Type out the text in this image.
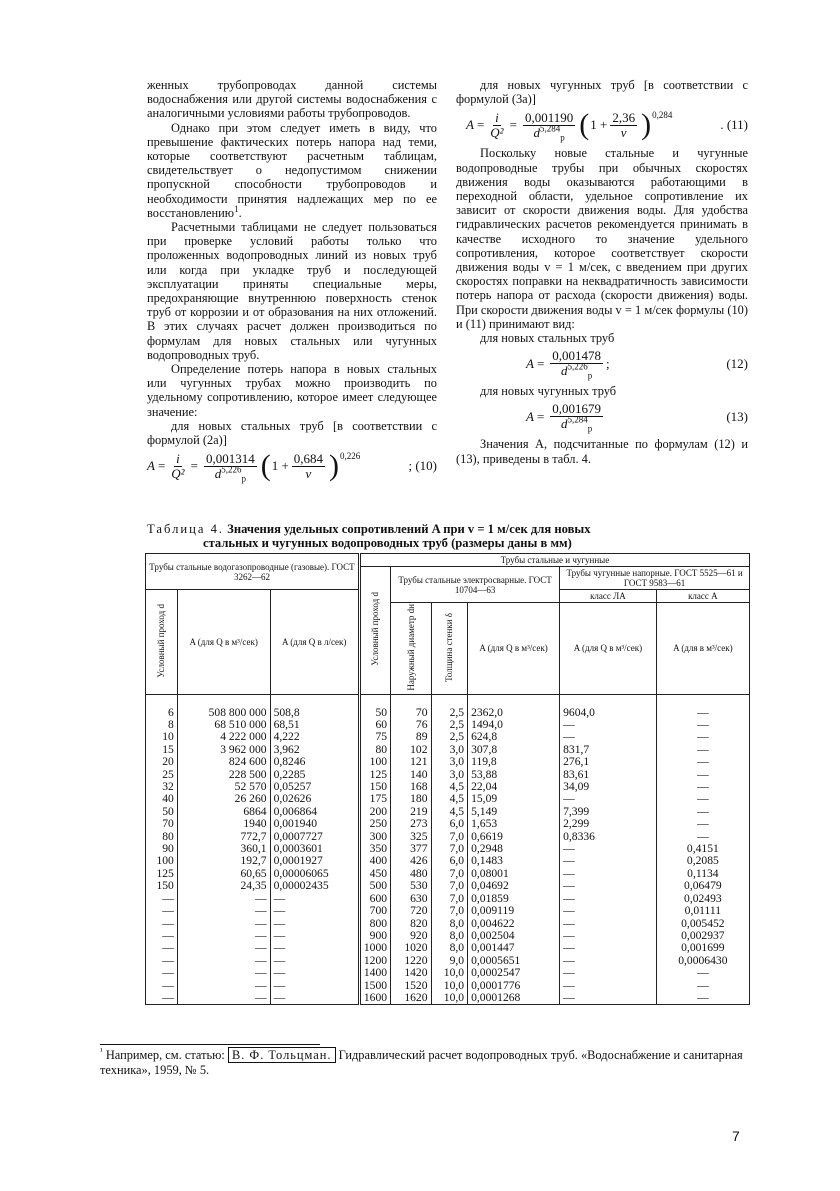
женных трубопроводах данной системы водоснабжения или другой системы водоснабжения с аналогичными условиями работы трубопроводов.

Однако при этом следует иметь в виду, что превышение фактических потерь напора над теми, которые соответствуют расчетным таблицам, свидетельствует о недопустимом снижении пропускной способности трубопроводов и необходимости принятия надлежащих мер по ее восстановлению$^1$.

Расчетными таблицами не следует пользоваться при проверке условий работы только что проложенных водопроводных линий из новых труб или когда при укладке труб и последующей эксплуатации приняты специальные меры, предохраняющие внутреннюю поверхность стенок труб от коррозии и от образования на них отложений. В этих случаях расчет должен производиться по формулам для новых стальных или чугунных водопроводных труб.

Определение потерь напора в новых стальных или чугунных трубах можно производить по удельному сопротивлению, которое имеет следующее значение:

для новых стальных труб [в соответствии с формулой (2а)]

$A = \frac{i}{\text{Q²}} = \frac{0,001314}{d^{5,226}_р}$ ( $1 + \frac{0,684}{v} )^{0,226}$
; (10)

для новых чугунных труб [в соответствии с формулой (3а)]

$A = \frac{i}{\text{Q²}} = \frac{0,001190}{d^{5,284}_р}$ ( $1 + \frac{2,36}{v} )^{0,284}$
. (11)

Поскольку новые стальные и чугунные водопроводные трубы при обычных скоростях движения воды оказываются работающими в переходной области, удельное сопротивление их зависит от скорости движения воды. Для удобства гидравлических расчетов рекомендуется принимать в качестве исходного то значение удельного сопротивления, которое соответствует скорости движения воды v = 1 м/сек, с введением при других скоростях поправки на неквадратичность зависимости потерь напора от расхода (скорости движения) воды. При скорости движения воды v = 1 м/сек формулы (10) и (11) принимают вид:

для новых стальных труб

$A = \frac{0,001478}{d^{5,226}_р}$ ;	(12)

для новых чугунных труб

$A = \frac{0,001679}{d^{5,284}_р}$	(13)

Значения A, подсчитанные по формулам (12) и (13), приведены в табл. 4.

Таблица 4. Значения удельных сопротивлений A при v = 1 м/сек для новых
стальных и чугунных водопроводных труб (размеры даны в мм)
Трубы стальные водогазопроводные (газовые). ГОСТ 3262—62			Трубы стальные и чугунные					
			Условный проход d	Трубы стальные электросварные. ГОСТ 10704—63			Трубы чугунные напорные. ГОСТ 5525—61 и ГОСТ 9583—61	
Условный проход d	A (для Q в м³/сек)	A (для Q в л/сек)					класс ЛА	класс А
				Наружный диаметр dн	Толщина стенки δ	A (для Q в м³/сек)	A (для Q в м³/сек)	A (для в м³/сек)
6	508 800 000	508,8	50	70	2,5	2362,0	9604,0	—
8	68 510 000	68,51	60	76	2,5	1494,0	—	—
10	4 222 000	4,222	75	89	2,5	624,8	—	—
15	3 962 000	3,962	80	102	3,0	307,8	831,7	—
20	824 600	0,8246	100	121	3,0	119,8	276,1	—
25	228 500	0,2285	125	140	3,0	53,88	83,61	—
32	52 570	0,05257	150	168	4,5	22,04	34,09	—
40	26 260	0,02626	175	180	4,5	15,09	—	—
50	6864	0,006864	200	219	4,5	5,149	7,399	—
70	1940	0,001940	250	273	6,0	1,653	2,299	—
80	772,7	0,0007727	300	325	7,0	0,6619	0,8336	—
90	360,1	0,0003601	350	377	7,0	0,2948	—	0,4151
100	192,7	0,0001927	400	426	6,0	0,1483	—	0,2085
125	60,65	0,00006065	450	480	7,0	0,08001	—	0,1134
150	24,35	0,00002435	500	530	7,0	0,04692	—	0,06479
—	—	—	600	630	7,0	0,01859	—	0,02493
—	—	—	700	720	7,0	0,009119	—	0,01111
—	—	—	800	820	8,0	0,004622	—	0,005452
—	—	—	900	920	8,0	0,002504	—	0,002937
—	—	—	1000	1020	8,0	0,001447	—	0,001699
—	—	—	1200	1220	9,0	0,0005651	—	0,0006430
—	—	—	1400	1420	10,0	0,0002547	—	—
—	—	—	1500	1520	10,0	0,0001776	—	—
—	—	—	1600	1620	10,0	0,0001268	—	—
$^{^1}$ Например, см. статью: В. Ф. Тольцман. Гидравлический расчет водопроводных труб. «Водоснабжение и санитарная техника», 1959, № 5.
7
